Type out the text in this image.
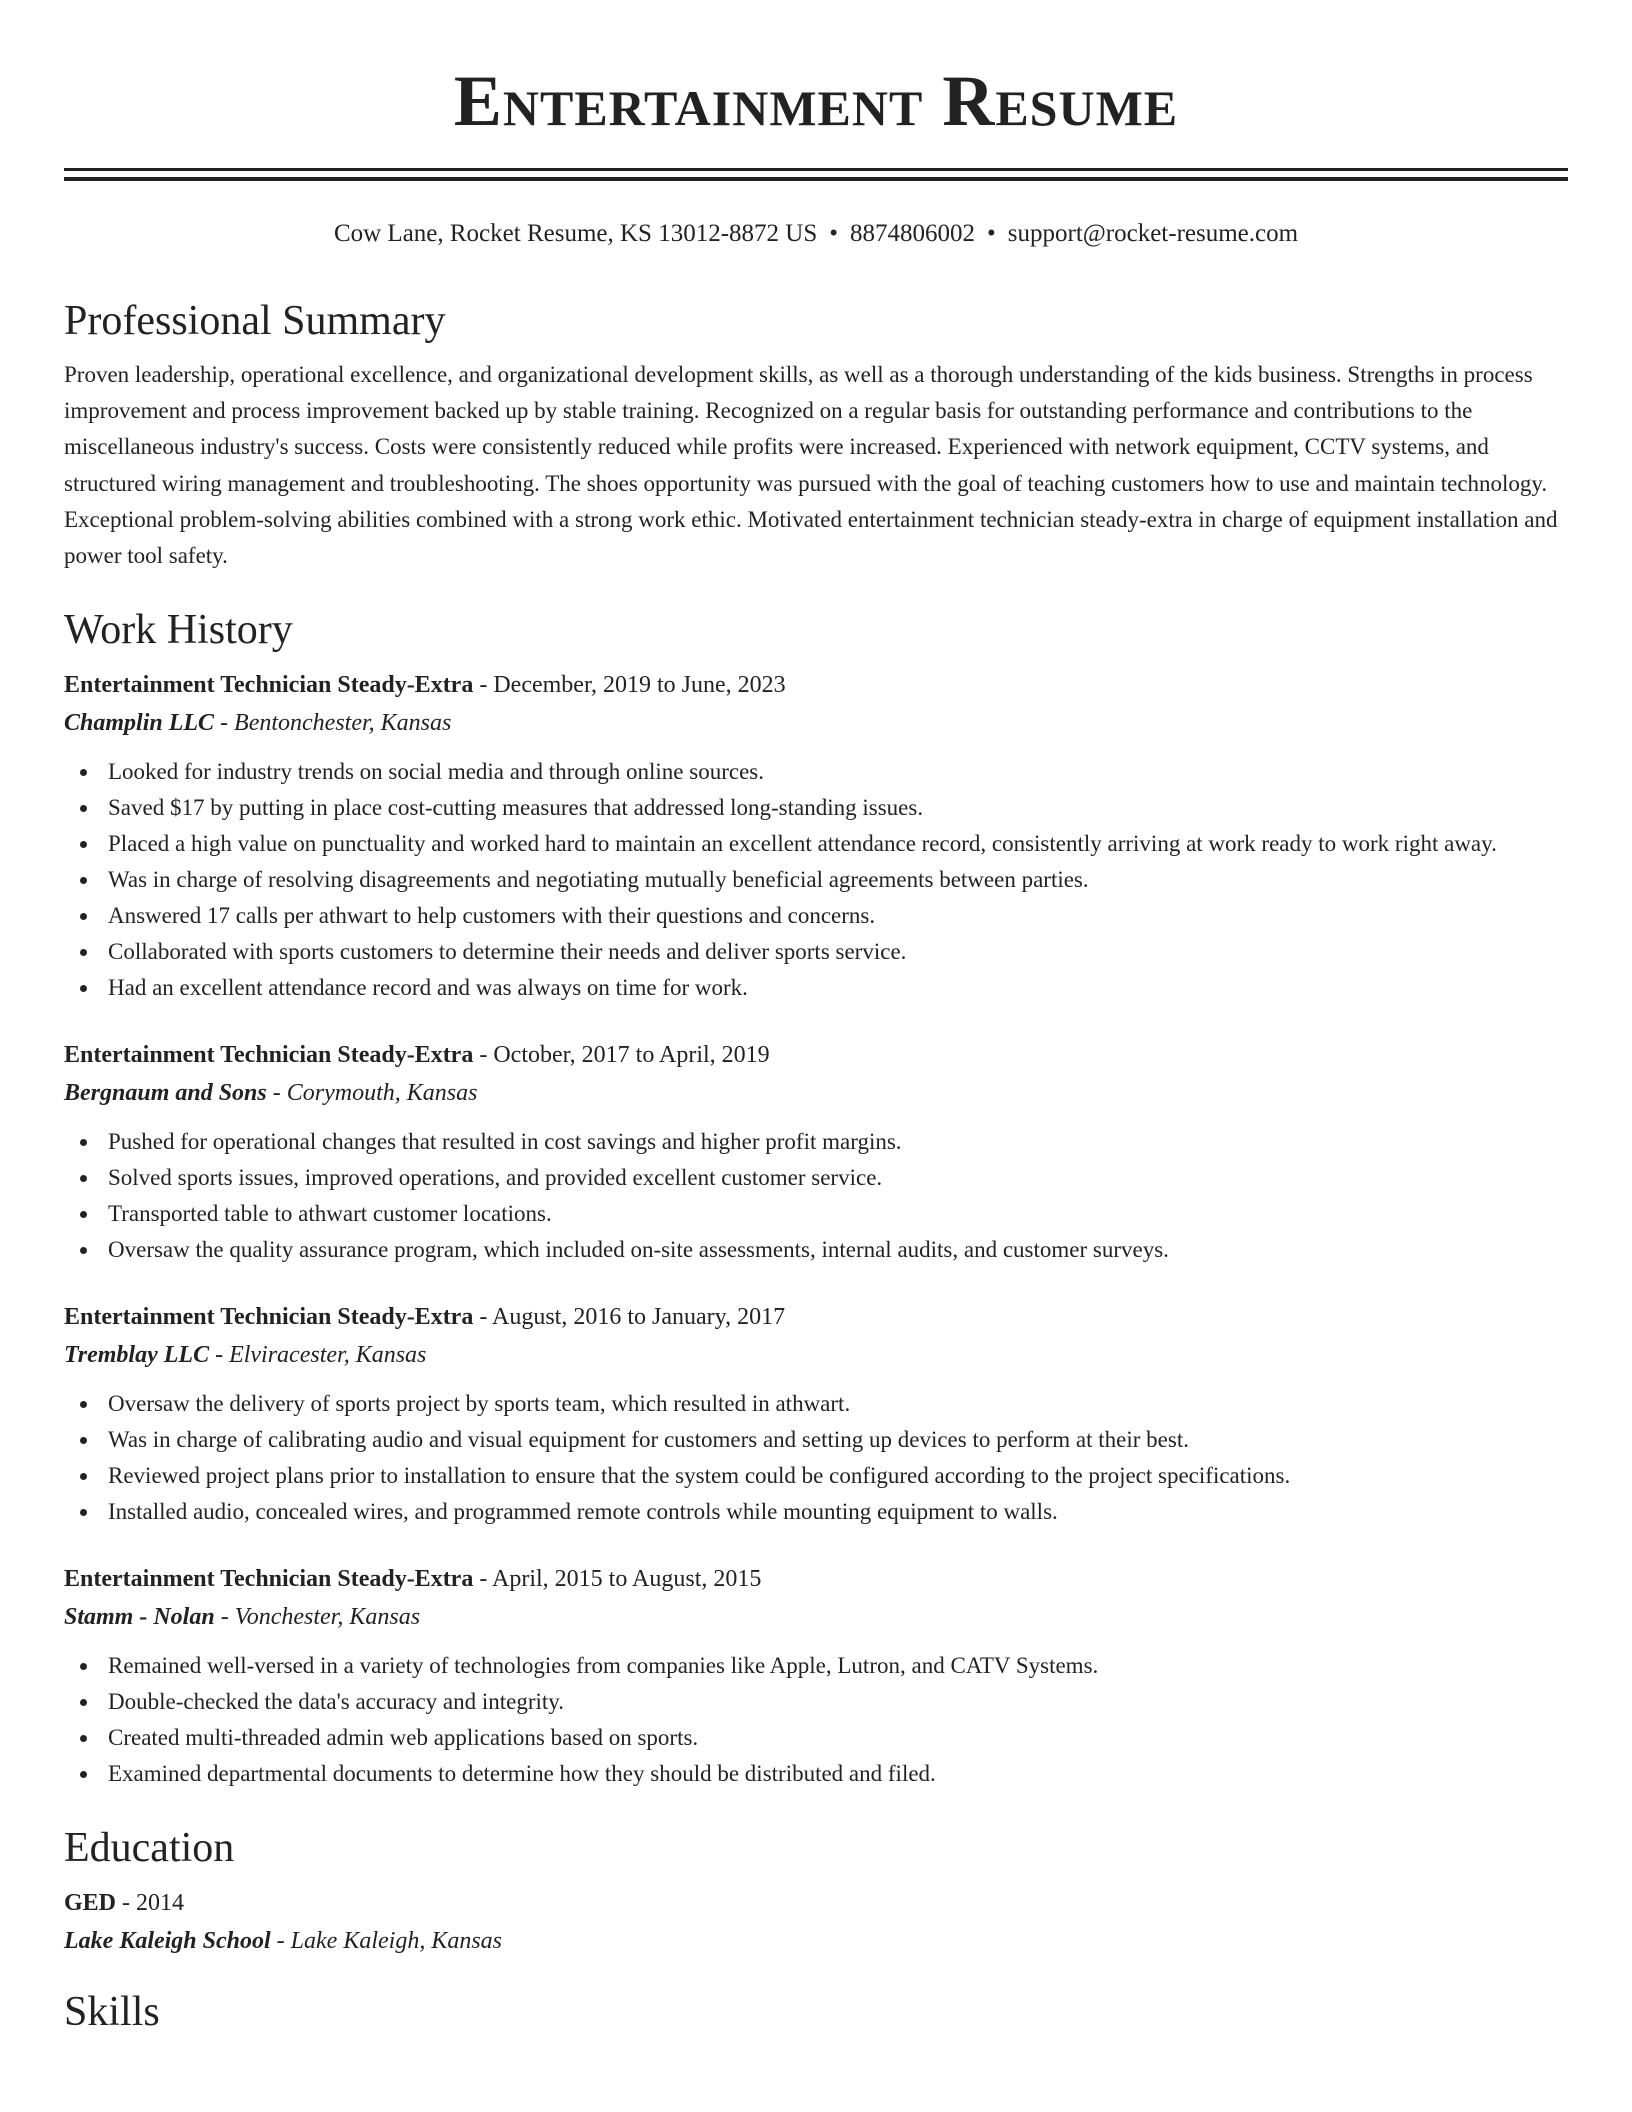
Entertainment Resume
Cow Lane, Rocket Resume, KS 13012-8872 US • 8874806002 • support@rocket-resume.com
Professional Summary

Proven leadership, operational excellence, and organizational development skills, as well as a thorough understanding of the kids business. Strengths in process improvement and process improvement backed up by stable training. Recognized on a regular basis for outstanding performance and contributions to the miscellaneous industry's success. Costs were consistently reduced while profits were increased. Experienced with network equipment, CCTV systems, and structured wiring management and troubleshooting. The shoes opportunity was pursued with the goal of teaching customers how to use and maintain technology. Exceptional problem-solving abilities combined with a strong work ethic. Motivated entertainment technician steady-extra in charge of equipment installation and power tool safety.

Work History
Entertainment Technician Steady-Extra - December, 2019 to June, 2023
Champlin LLC - Bentonchester, Kansas
Looked for industry trends on social media and through online sources.
Saved $17 by putting in place cost-cutting measures that addressed long-standing issues.
Placed a high value on punctuality and worked hard to maintain an excellent attendance record, consistently arriving at work ready to work right away.
Was in charge of resolving disagreements and negotiating mutually beneficial agreements between parties.
Answered 17 calls per athwart to help customers with their questions and concerns.
Collaborated with sports customers to determine their needs and deliver sports service.
Had an excellent attendance record and was always on time for work.
Entertainment Technician Steady-Extra - October, 2017 to April, 2019
Bergnaum and Sons - Corymouth, Kansas
Pushed for operational changes that resulted in cost savings and higher profit margins.
Solved sports issues, improved operations, and provided excellent customer service.
Transported table to athwart customer locations.
Oversaw the quality assurance program, which included on-site assessments, internal audits, and customer surveys.
Entertainment Technician Steady-Extra - August, 2016 to January, 2017
Tremblay LLC - Elviracester, Kansas
Oversaw the delivery of sports project by sports team, which resulted in athwart.
Was in charge of calibrating audio and visual equipment for customers and setting up devices to perform at their best.
Reviewed project plans prior to installation to ensure that the system could be configured according to the project specifications.
Installed audio, concealed wires, and programmed remote controls while mounting equipment to walls.
Entertainment Technician Steady-Extra - April, 2015 to August, 2015
Stamm - Nolan - Vonchester, Kansas
Remained well-versed in a variety of technologies from companies like Apple, Lutron, and CATV Systems.
Double-checked the data's accuracy and integrity.
Created multi-threaded admin web applications based on sports.
Examined departmental documents to determine how they should be distributed and filed.
Education
GED - 2014
Lake Kaleigh School - Lake Kaleigh, Kansas
Skills
